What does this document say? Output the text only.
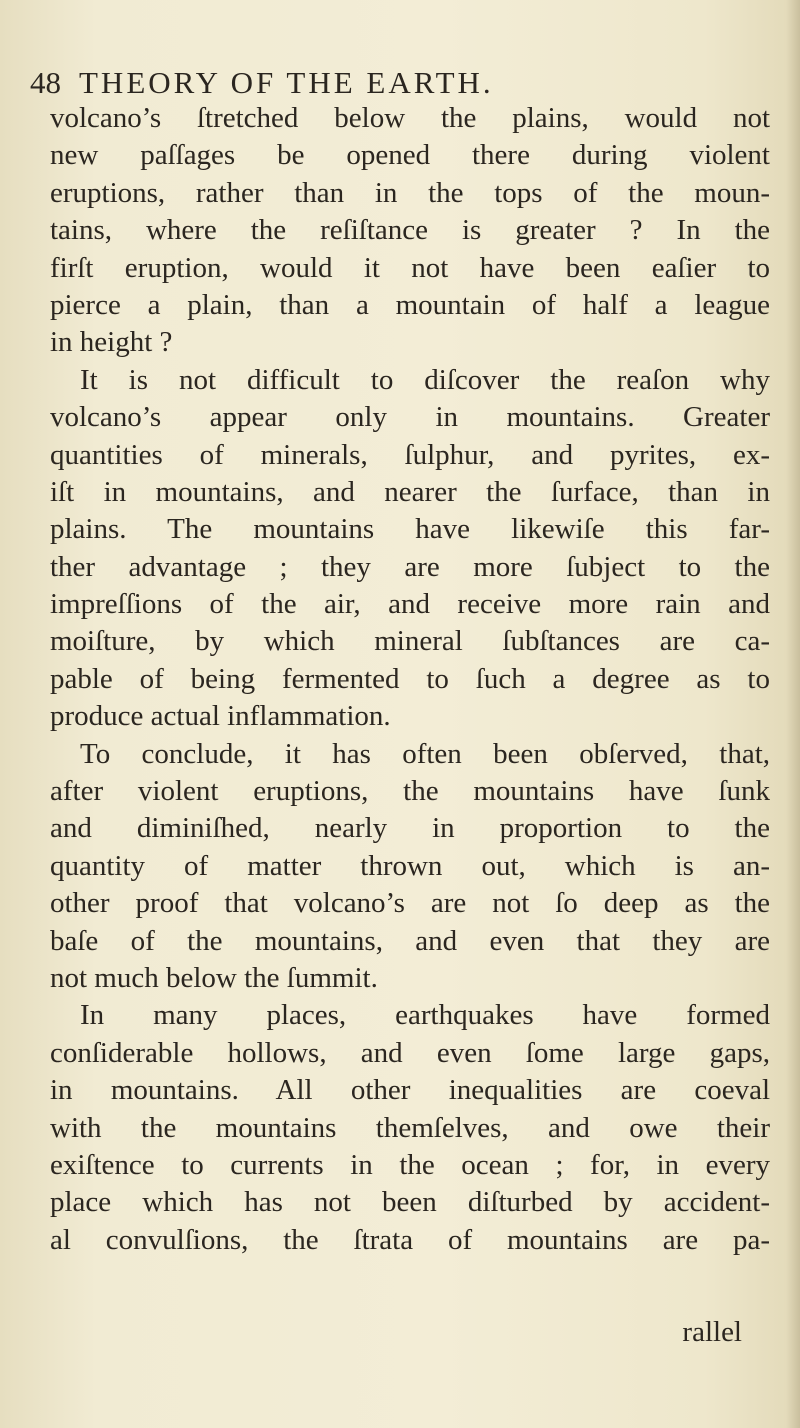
48 THEORY OF THE EARTH.
volcano’s ſtretched below the plains, would not
new paſſages be opened there during violent
eruptions, rather than in the tops of the moun-
tains, where the reſiſtance is greater ? In the
firſt eruption, would it not have been eaſier to
pierce a plain, than a mountain of half a league
in height ?
It is not difficult to diſcover the reaſon why
volcano’s appear only in mountains. Greater
quantities of minerals, ſulphur, and pyrites, ex-
iſt in mountains, and nearer the ſurface, than in
plains. The mountains have likewiſe this far-
ther advantage ; they are more ſubject to the
impreſſions of the air, and receive more rain and
moiſture, by which mineral ſubſtances are ca-
pable of being fermented to ſuch a degree as to
produce actual inflammation.
To conclude, it has often been obſerved, that,
after violent eruptions, the mountains have ſunk
and diminiſhed, nearly in proportion to the
quantity of matter thrown out, which is an-
other proof that volcano’s are not ſo deep as the
baſe of the mountains, and even that they are
not much below the ſummit.
In many places, earthquakes have formed
conſiderable hollows, and even ſome large gaps,
in mountains. All other inequalities are coeval
with the mountains themſelves, and owe their
exiſtence to currents in the ocean ; for, in every
place which has not been diſturbed by accident-
al convulſions, the ſtrata of mountains are pa-
rallel
